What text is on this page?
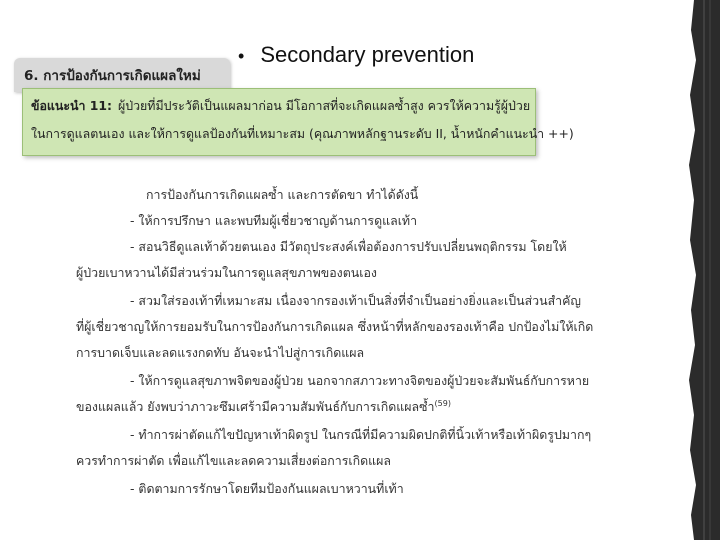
• Secondary prevention
6. การป้องกันการเกิดแผลใหม่
ข้อแนะนำ 11: ผู้ป่วยที่มีประวัติเป็นแผลมาก่อน มีโอกาสที่จะเกิดแผลซ้ำสูง ควรให้ความรู้ผู้ป่วย
ในการดูแลตนเอง และให้การดูแลป้องกันที่เหมาะสม (คุณภาพหลักฐานระดับ II, น้ำหนักคำแนะนำ ++)
การป้องกันการเกิดแผลซ้ำ และการตัดขา ทำได้ดังนี้
- ให้การปรึกษา และพบทีมผู้เชี่ยวชาญด้านการดูแลเท้า
- สอนวิธีดูแลเท้าด้วยตนเอง มีวัตถุประสงค์เพื่อต้องการปรับเปลี่ยนพฤติกรรม โดยให้
ผู้ป่วยเบาหวานได้มีส่วนร่วมในการดูแลสุขภาพของตนเอง
- สวมใส่รองเท้าที่เหมาะสม เนื่องจากรองเท้าเป็นสิ่งที่จำเป็นอย่างยิ่งและเป็นส่วนสำคัญ
ที่ผู้เชี่ยวชาญให้การยอมรับในการป้องกันการเกิดแผล ซึ่งหน้าที่หลักของรองเท้าคือ ปกป้องไม่ให้เกิด
การบาดเจ็บและลดแรงกดทับ อันจะนำไปสู่การเกิดแผล
- ให้การดูแลสุขภาพจิตของผู้ป่วย นอกจากสภาวะทางจิตของผู้ป่วยจะสัมพันธ์กับการหาย
ของแผลแล้ว ยังพบว่าภาวะซึมเศร้ามีความสัมพันธ์กับการเกิดแผลซ้ำ$^{(59)}$
- ทำการผ่าตัดแก้ไขปัญหาเท้าผิดรูป ในกรณีที่มีความผิดปกติที่นิ้วเท้าหรือเท้าผิดรูปมากๆ
ควรทำการผ่าตัด เพื่อแก้ไขและลดความเสี่ยงต่อการเกิดแผล
- ติดตามการรักษาโดยทีมป้องกันแผลเบาหวานที่เท้า
